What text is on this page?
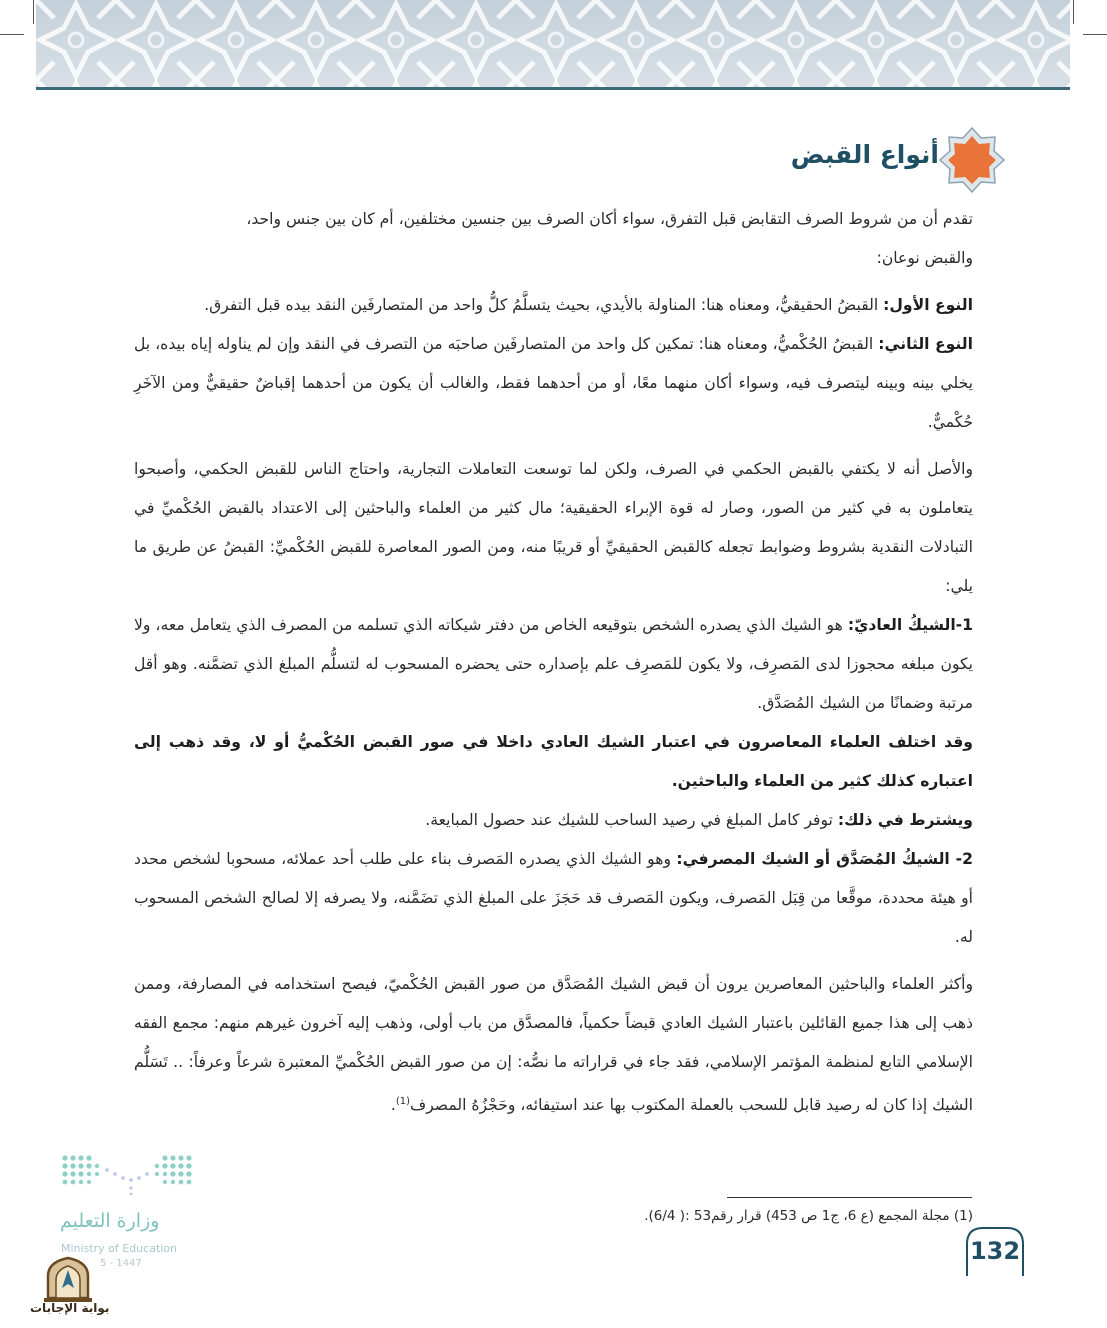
أنواع القبض

تقدم أن من شروط الصرف التقابض قبل التفرق، سواء أكان الصرف بين جنسين مختلفين، أم كان بين جنس واحد،

والقبض نوعان:

النوع الأول: القبضُ الحقيقيُّ، ومعناه هنا: المناولة بالأيدي، بحيث يتسلَّمُ كلُّ واحد من المتصارفَين النقد بيده قبل التفرق.

النوع الثاني: القبضُ الحُكْميُّ، ومعناه هنا: تمكين كل واحد من المتصارفَين صاحبَه من التصرف في النقد وإن لم يناوله إياه بيده، بل يخلي بينه وبينه ليتصرف فيه، وسواء أكان منهما معًا، أو من أحدهما فقط، والغالب أن يكون من أحدهما إقباضٌ حقيقيٌّ ومن الآخَرِ حُكْميٌّ.

والأصل أنه لا يكتفي بالقبض الحكمي في الصرف، ولكن لما توسعت التعاملات التجارية، واحتاج الناس للقبض الحكمي، وأصبحوا يتعاملون به في كثير من الصور، وصار له قوة الإبراء الحقيقية؛ مال كثير من العلماء والباحثين إلى الاعتداد بالقبض الحُكْميِّ في التبادلات النقدية بشروط وضوابط تجعله كالقبض الحقيقيِّ أو قريبًا منه، ومن الصور المعاصرة للقبض الحُكْميِّ: القبضُ عن طريق ما يلي:

1-الشيكُ العاديّ: هو الشيك الذي يصدره الشخص بتوقيعه الخاص من دفتر شيكاته الذي تسلمه من المصرف الذي يتعامل معه، ولا يكون مبلغه محجوزا لدى المَصرِف، ولا يكون للمَصرِف علم بإصداره حتى يحضره المسحوب له لتسلُّم المبلغ الذي تضمَّنه. وهو أقل مرتبة وضمانًا من الشيك المُصَدَّق.

وقد اختلف العلماء المعاصرون في اعتبار الشيك العادي داخلا في صور القبض الحُكْميُّ أو لا، وقد ذهب إلى اعتباره كذلك كثير من العلماء والباحثين.

ويشترط في ذلك: توفر كامل المبلغ في رصيد الساحب للشيك عند حصول المبايعة.

2- الشيكُ المُصَدَّق أو الشيك المصرفي: وهو الشيك الذي يصدره المَصرف بناء على طلب أحد عملائه، مسحوبا لشخص محدد أو هيئة محددة، موقَّعا من قِبَل المَصرف، ويكون المَصرف قد حَجَزَ على المبلغ الذي تضَمَّنه، ولا يصرفه إلا لصالح الشخص المسحوب له.

وأكثر العلماء والباحثين المعاصرين يرون أن قبض الشيك المُصَدَّق من صور القبض الحُكْميّ، فيصح استخدامه في المصارفة، وممن ذهب إلى هذا جميع القائلين باعتبار الشيك العادي قبضاً حكمياً، فالمصدَّق من باب أولى، وذهب إليه آخرون غيرهم منهم: مجمع الفقه الإسلامي التابع لمنظمة المؤتمر الإسلامي، فقد جاء في قراراته ما نصُّه: إن من صور القبض الحُكْميِّ المعتبرة شرعاً وعرفاً: .. تَسَلُّم الشيك إذا كان له رصيد قابل للسحب بالعملة المكتوب بها عند استيفائه، وحَجْزُهُ المصرف$^{(1)}$.

(1) مجلة المجمع (ع 6، ج1 ص 453) قرار رقم53 :( 6/4).
132
وزارة التعليم
Ministry of Education
5 - 1447
بوابة الإجابات
